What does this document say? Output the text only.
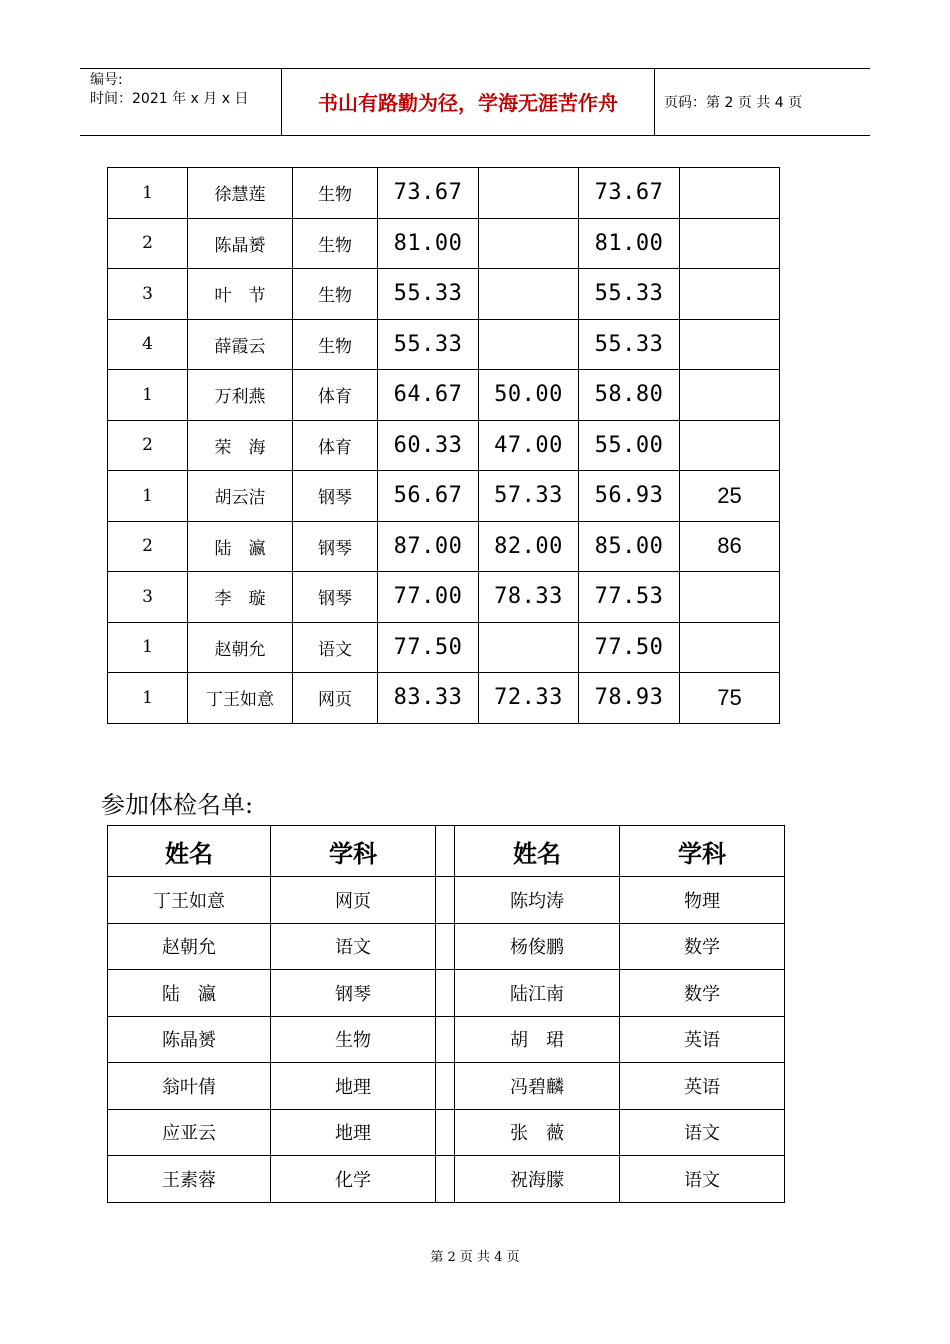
编号:
时间：2021 年 x 月 x 日	书山有路勤为径，学海无涯苦作舟	页码：第 2 页 共 4 页
1	徐慧莲	生物	73.67		73.67	
2	陈晶赟	生物	81.00		81.00	
3	叶　节	生物	55.33		55.33	
4	薛霞云	生物	55.33		55.33	
1	万利燕	体育	64.67	50.00	58.80	
2	荣　海	体育	60.33	47.00	55.00	
1	胡云洁	钢琴	56.67	57.33	56.93	25
2	陆　瀛	钢琴	87.00	82.00	85.00	86
3	李　璇	钢琴	77.00	78.33	77.53	
1	赵朝允	语文	77.50		77.50	
1	丁王如意	网页	83.33	72.33	78.93	75
参加体检名单:
姓名	学科		姓名	学科
丁王如意	网页		陈均涛	物理
赵朝允	语文		杨俊鹏	数学
陆　瀛	钢琴		陆江南	数学
陈晶赟	生物		胡　珺	英语
翁叶倩	地理		冯碧麟	英语
应亚云	地理		张　薇	语文
王素蓉	化学		祝海朦	语文
第 2 页 共 4 页
